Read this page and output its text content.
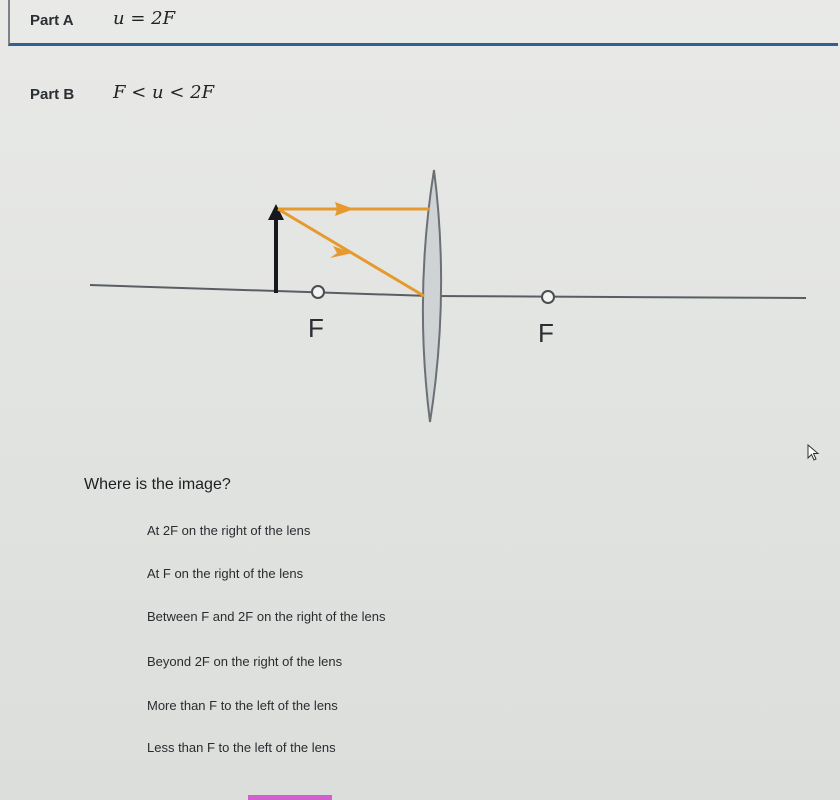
Part A u = 2F
Part B F < u < 2F
F	F
Where is the image?
At 2F on the right of the lens
At F on the right of the lens
Between F and 2F on the right of the lens
Beyond 2F on the right of the lens
More than F to the left of the lens
Less than F to the left of the lens
